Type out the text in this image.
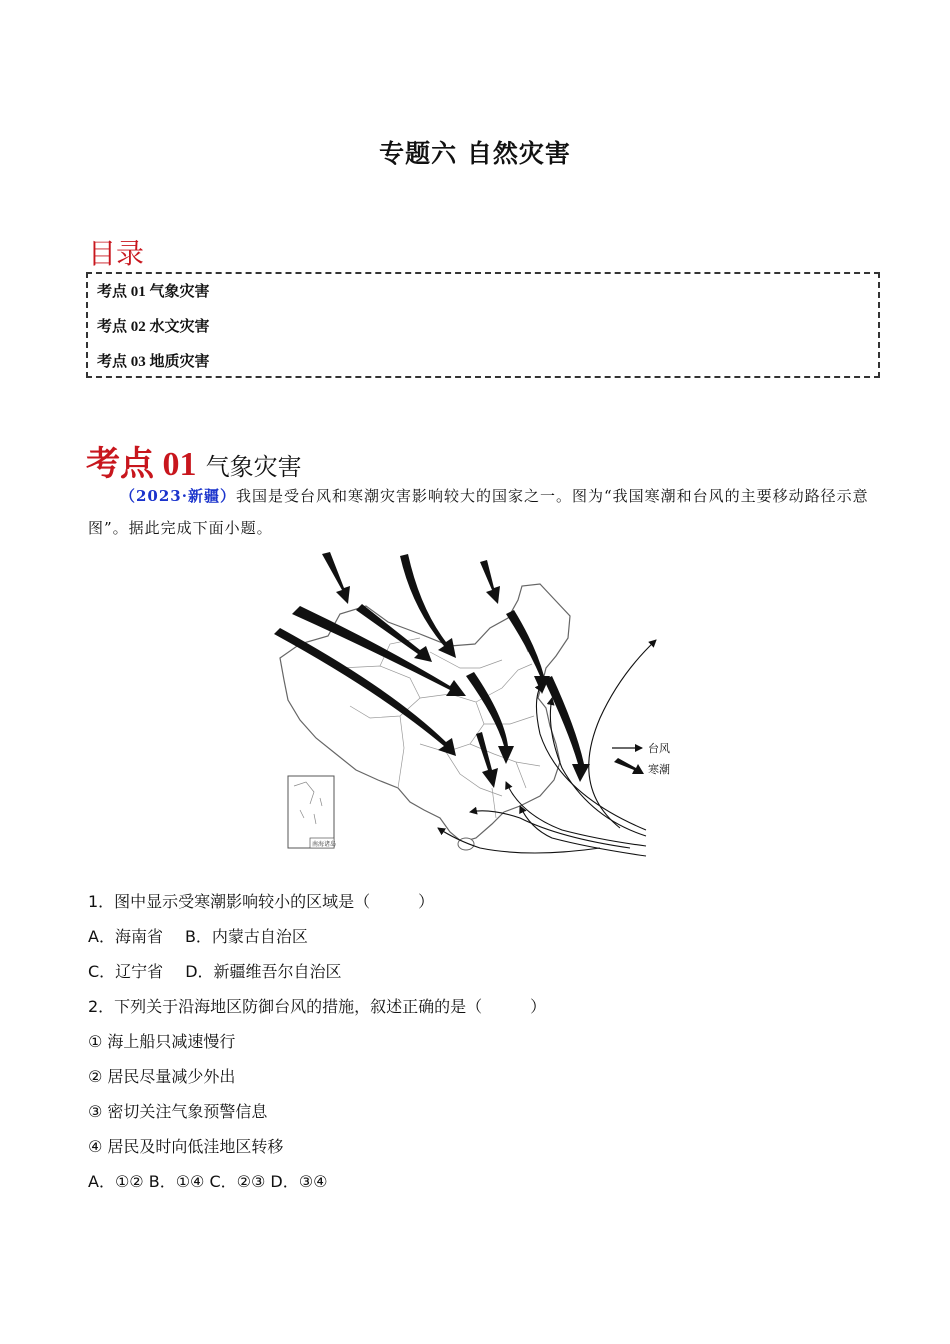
专题六 自然灾害
目录
考点 01 气象灾害
考点 02 水文灾害
考点 03 地质灾害
考点 01 气象灾害
（2023·新疆）我国是受台风和寒潮灾害影响较大的国家之一。图为“我国寒潮和台风的主要移动路径示意图”。据此完成下面小题。
南海诸岛
台风
寒潮
1．图中显示受寒潮影响较小的区域是（　　　）
A．海南省 B．内蒙古自治区
C．辽宁省 D．新疆维吾尔自治区
2．下列关于沿海地区防御台风的措施，叙述正确的是（　　　）
① 海上船只减速慢行
② 居民尽量减少外出
③ 密切关注气象预警信息
④ 居民及时向低洼地区转移
A．①② B．①④ C．②③ D．③④
